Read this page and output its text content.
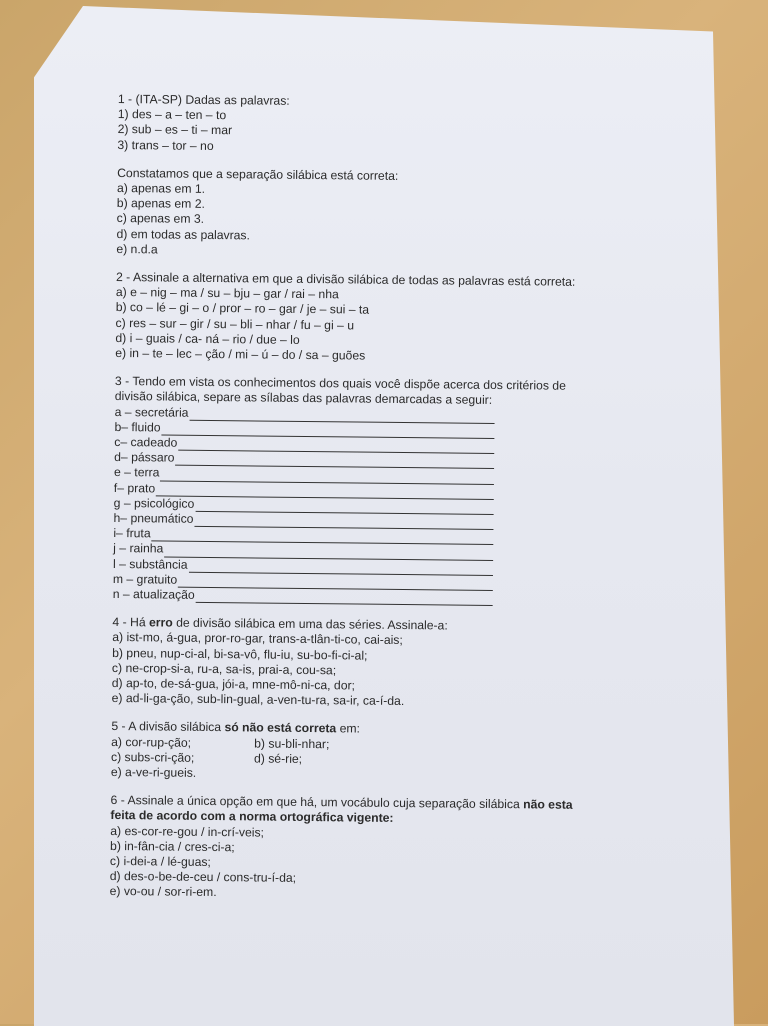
1 - (ITA-SP) Dadas as palavras:
1) des – a – ten – to
2) sub – es – ti – mar
3) trans – tor – no
Constatamos que a separação silábica está correta:
a) apenas em 1.
b) apenas em 2.
c) apenas em 3.
d) em todas as palavras.
e) n.d.a
2 - Assinale a alternativa em que a divisão silábica de todas as palavras está correta:
a) e – nig – ma / su – bju – gar / rai – nha
b) co – lé – gi – o / pror – ro – gar / je – sui – ta
c) res – sur – gir / su – bli – nhar / fu – gi – u
d) i – guais / ca- ná – rio / due – lo
e) in – te – lec – ção / mi – ú – do / sa – guões
3 - Tendo em vista os conhecimentos dos quais você dispõe acerca dos critérios de
divisão silábica, separe as sílabas das palavras demarcadas a seguir:
a – secretária
b– fluido
c– cadeado
d– pássaro
e – terra
f– prato
g – psicológico
h– pneumático
i– fruta
j – rainha
l – substância
m – gratuito
n – atualização
4 - Há erro de divisão silábica em uma das séries. Assinale-a:
a) ist-mo, á-gua, pror-ro-gar, trans-a-tlân-ti-co, cai-ais;
b) pneu, nup-ci-al, bi-sa-vô, flu-iu, su-bo-fi-ci-al;
c) ne-crop-si-a, ru-a, sa-is, prai-a, cou-sa;
d) ap-to, de-sá-gua, jói-a, mne-mô-ni-ca, dor;
e) ad-li-ga-ção, sub-lin-gual, a-ven-tu-ra, sa-ir, ca-í-da.
5 - A divisão silábica só não está correta em:
a) cor-rup-ção;	b) su-bli-nhar;
c) subs-cri-ção;	d) sé-rie;
e) a-ve-ri-gueis.
6 - Assinale a única opção em que há, um vocábulo cuja separação silábica não esta
feita de acordo com a norma ortográfica vigente:
a) es-cor-re-gou / in-crí-veis;
b) in-fân-cia / cres-ci-a;
c) i-dei-a / lé-guas;
d) des-o-be-de-ceu / cons-tru-í-da;
e) vo-ou / sor-ri-em.
